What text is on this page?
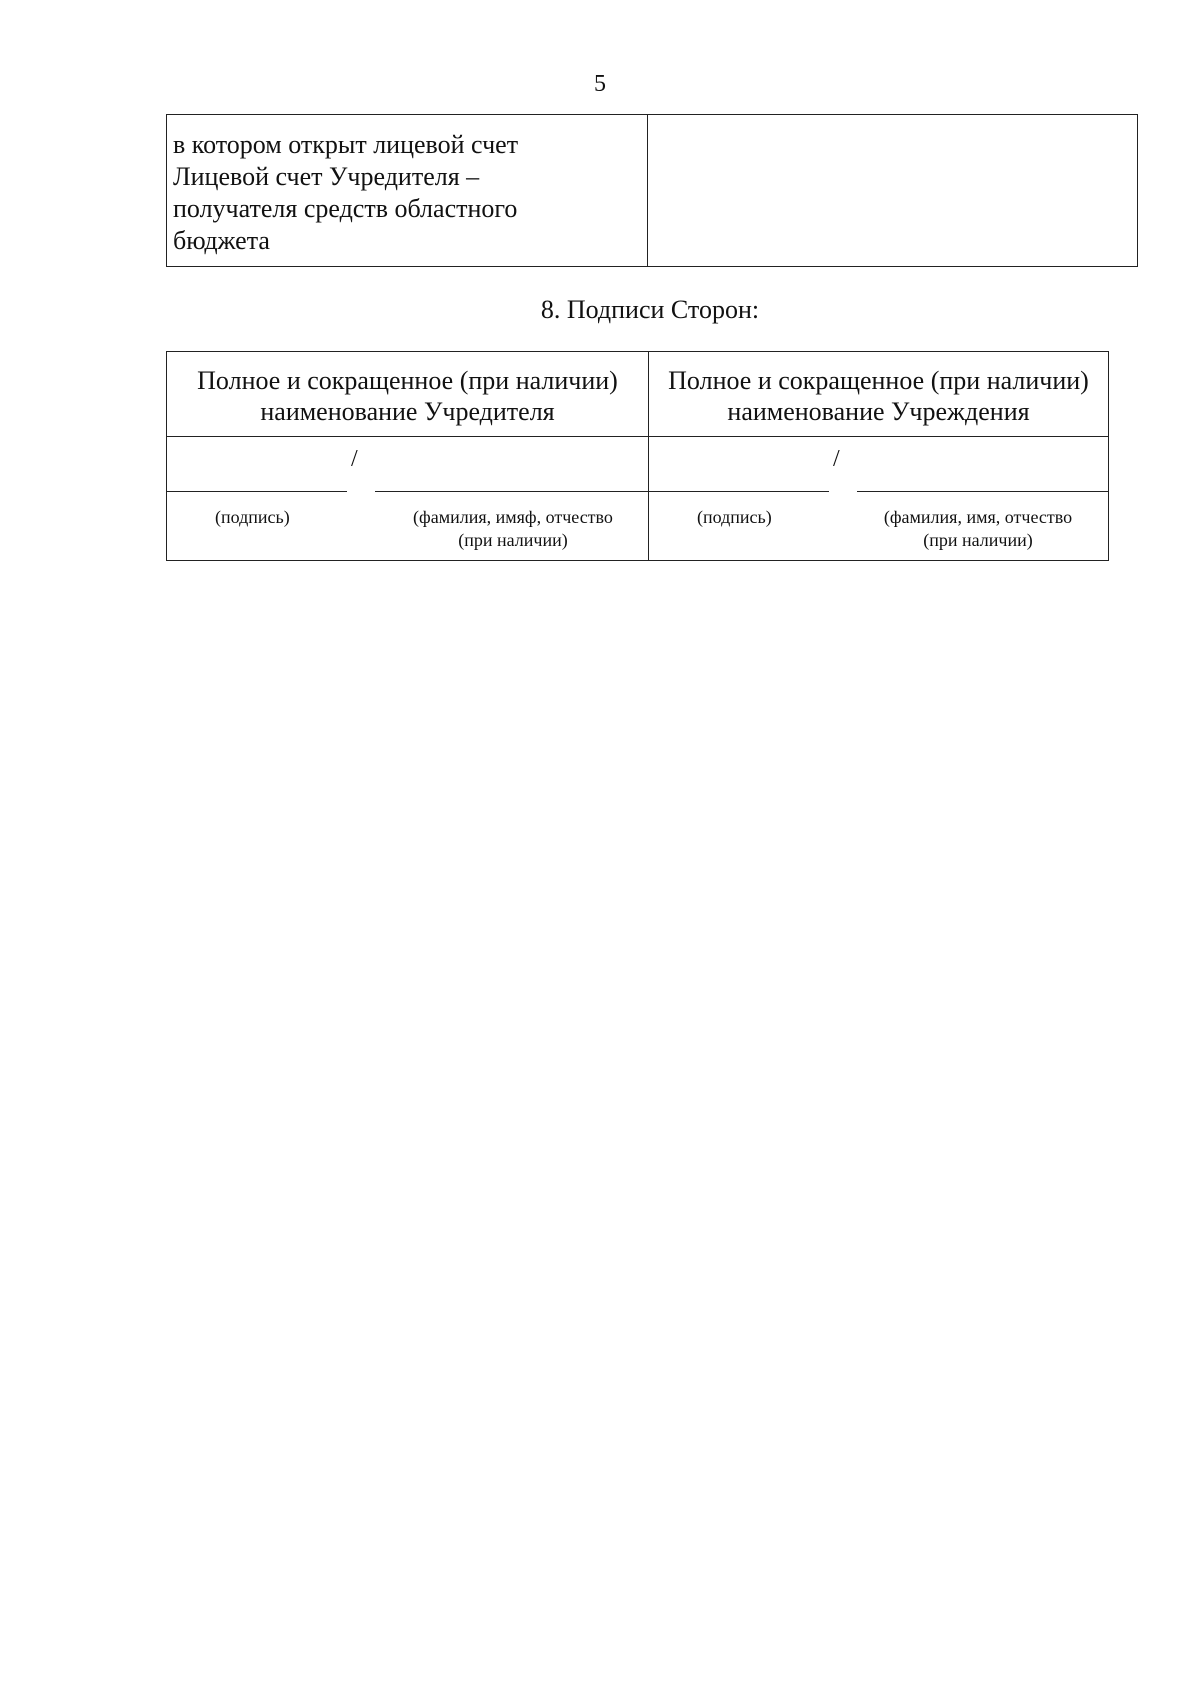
5
в котором открыт лицевой счет
Лицевой счет Учредителя –
получателя средств областного
бюджета
8. Подписи Сторон:
Полное и сокращенное (при наличии)
наименование Учредителя
/
(подпись)	(фамилия, имяф, отчество
(при наличии)
Полное и сокращенное (при наличии)
наименование Учреждения
/
(подпись)	(фамилия, имя, отчество
(при наличии)
